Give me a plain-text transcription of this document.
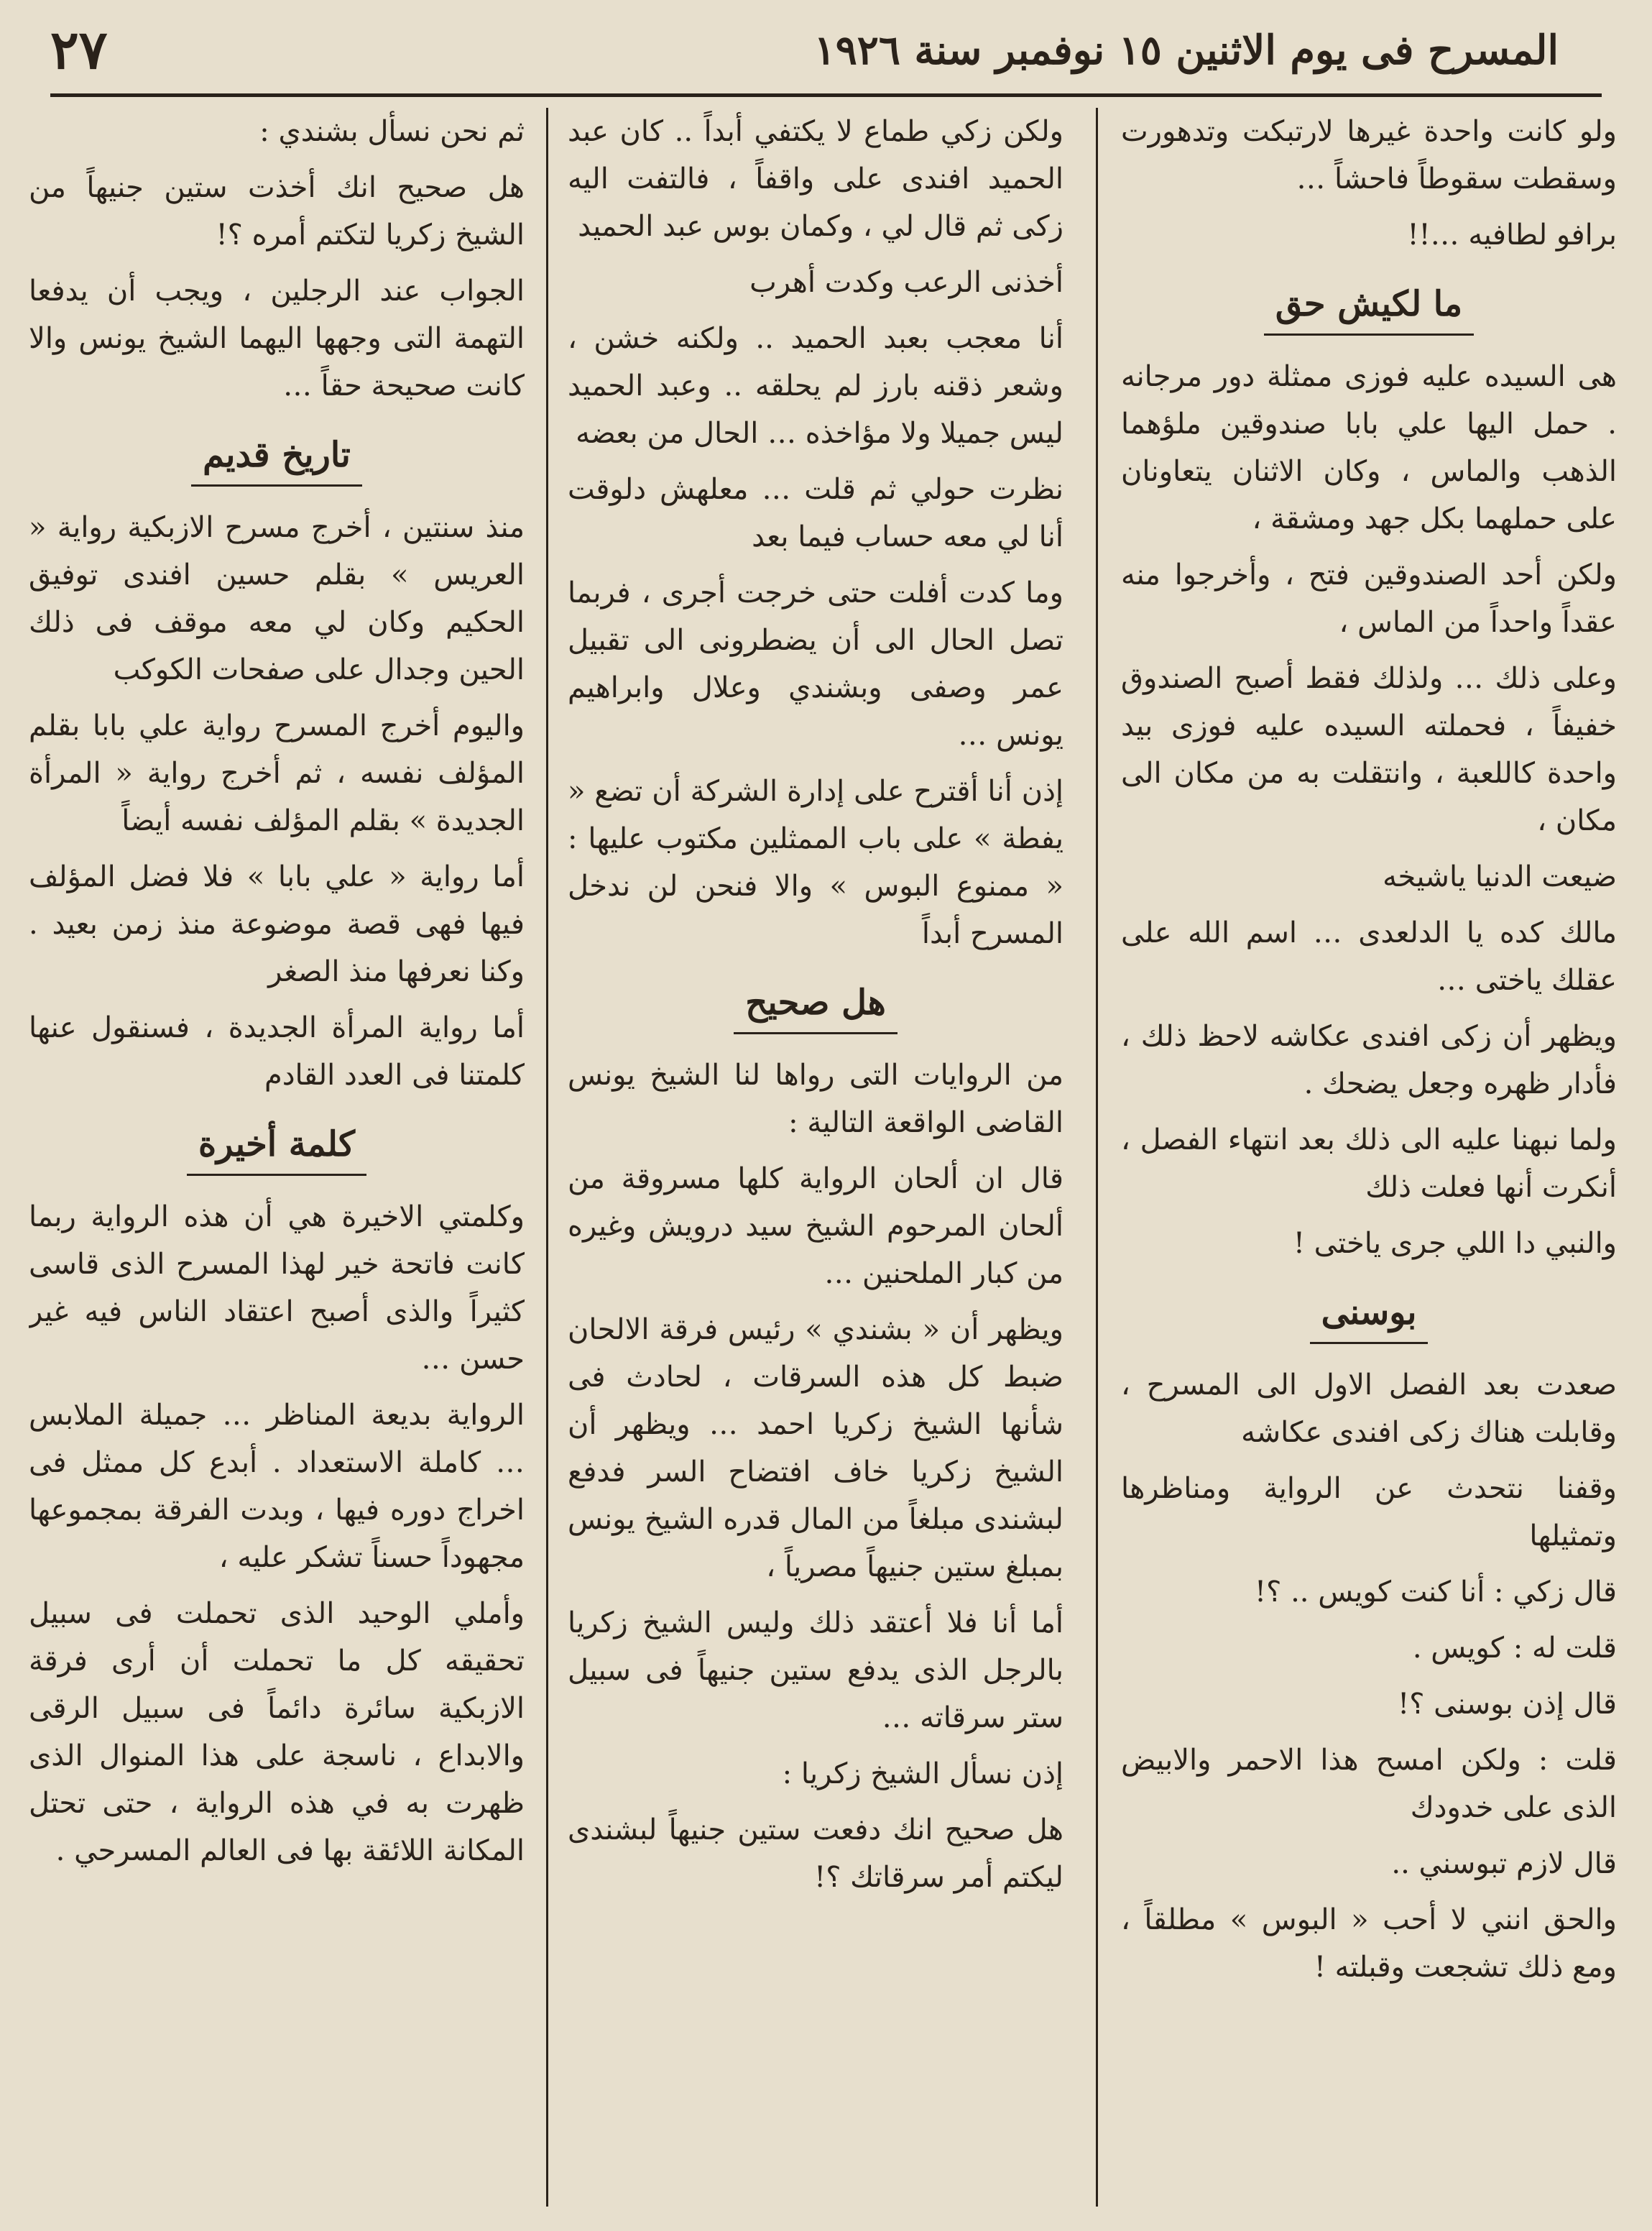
٢٧	المسرح فى يوم الاثنين ١٥ نوفمبر سنة ١٩٢٦

ولو كانت واحدة غيرها لارتبكت وتدهورت وسقطت سقوطاً فاحشاً …

برافو لطافيه …!!

ما لكيش حق

هى السيده عليه فوزى ممثلة دور مرجانه . حمل اليها علي بابا صندوقين ملؤهما الذهب والماس ، وكان الاثنان يتعاونان على حملهما بكل جهد ومشقة ،

ولكن أحد الصندوقين فتح ، وأخرجوا منه عقداً واحداً من الماس ،

وعلى ذلك … ولذلك فقط أصبح الصندوق خفيفاً ، فحملته السيده عليه فوزى بيد واحدة كاللعبة ، وانتقلت به من مكان الى مكان ،

ضيعت الدنيا ياشيخه

مالك كده يا الدلعدى … اسم الله على عقلك ياختى …

ويظهر أن زكى افندى عكاشه لاحظ ذلك ، فأدار ظهره وجعل يضحك .

ولما نبهنا عليه الى ذلك بعد انتهاء الفصل ، أنكرت أنها فعلت ذلك

والنبي دا اللي جرى ياختى !

بوسنى

صعدت بعد الفصل الاول الى المسرح ، وقابلت هناك زكى افندى عكاشه

وقفنا نتحدث عن الرواية ومناظرها وتمثيلها

قال زكي : أنا كنت كويس .. ؟!

قلت له : كويس .

قال إذن بوسنى ؟!

قلت : ولكن امسح هذا الاحمر والابيض الذى على خدودك

قال لازم تبوسني ..

والحق انني لا أحب « البوس » مطلقاً ، ومع ذلك تشجعت وقبلته !

ولكن زكي طماع لا يكتفي أبداً .. كان عبد الحميد افندى على واقفاً ، فالتفت اليه زكى ثم قال لي ، وكمان بوس عبد الحميد

أخذنى الرعب وكدت أهرب

أنا معجب بعبد الحميد .. ولكنه خشن ، وشعر ذقنه بارز لم يحلقه .. وعبد الحميد ليس جميلا ولا مؤاخذه … الحال من بعضه

نظرت حولي ثم قلت … معلهش دلوقت أنا لي معه حساب فيما بعد

وما كدت أفلت حتى خرجت أجرى ، فربما تصل الحال الى أن يضطرونى الى تقبيل عمر وصفى وبشندي وعلال وابراهيم يونس …

إذن أنا أقترح على إدارة الشركة أن تضع « يفطة » على باب الممثلين مكتوب عليها : « ممنوع البوس » والا فنحن لن ندخل المسرح أبداً

هل صحيح

من الروايات التى رواها لنا الشيخ يونس القاضى الواقعة التالية :

قال ان ألحان الرواية كلها مسروقة من ألحان المرحوم الشيخ سيد درويش وغيره من كبار الملحنين …

ويظهر أن « بشندي » رئيس فرقة الالحان ضبط كل هذه السرقات ، لحادث فى شأنها الشيخ زكريا احمد … ويظهر أن الشيخ زكريا خاف افتضاح السر فدفع لبشندى مبلغاً من المال قدره الشيخ يونس بمبلغ ستين جنيهاً مصرياً ،

أما أنا فلا أعتقد ذلك وليس الشيخ زكريا بالرجل الذى يدفع ستين جنيهاً فى سبيل ستر سرقاته …

إذن نسأل الشيخ زكريا :

هل صحيح انك دفعت ستين جنيهاً لبشندى ليكتم أمر سرقاتك ؟!

ثم نحن نسأل بشندي :

هل صحيح انك أخذت ستين جنيهاً من الشيخ زكريا لتكتم أمره ؟!

الجواب عند الرجلين ، ويجب أن يدفعا التهمة التى وجهها اليهما الشيخ يونس والا كانت صحيحة حقاً …

تاريخ قديم

منذ سنتين ، أخرج مسرح الازبكية رواية « العريس » بقلم حسين افندى توفيق الحكيم وكان لي معه موقف فى ذلك الحين وجدال على صفحات الكوكب

واليوم أخرج المسرح رواية علي بابا بقلم المؤلف نفسه ، ثم أخرج رواية « المرأة الجديدة » بقلم المؤلف نفسه أيضاً

أما رواية « علي بابا » فلا فضل المؤلف فيها فهى قصة موضوعة منذ زمن بعيد . وكنا نعرفها منذ الصغر

أما رواية المرأة الجديدة ، فسنقول عنها كلمتنا فى العدد القادم

كلمة أخيرة

وكلمتي الاخيرة هي أن هذه الرواية ربما كانت فاتحة خير لهذا المسرح الذى قاسى كثيراً والذى أصبح اعتقاد الناس فيه غير حسن …

الرواية بديعة المناظر … جميلة الملابس … كاملة الاستعداد . أبدع كل ممثل فى اخراج دوره فيها ، وبدت الفرقة بمجموعها مجهوداً حسناً تشكر عليه ،

وأملي الوحيد الذى تحملت فى سبيل تحقيقه كل ما تحملت أن أرى فرقة الازبكية سائرة دائماً فى سبيل الرقى والابداع ، ناسجة على هذا المنوال الذى ظهرت به في هذه الرواية ، حتى تحتل المكانة اللائقة بها فى العالم المسرحي .
